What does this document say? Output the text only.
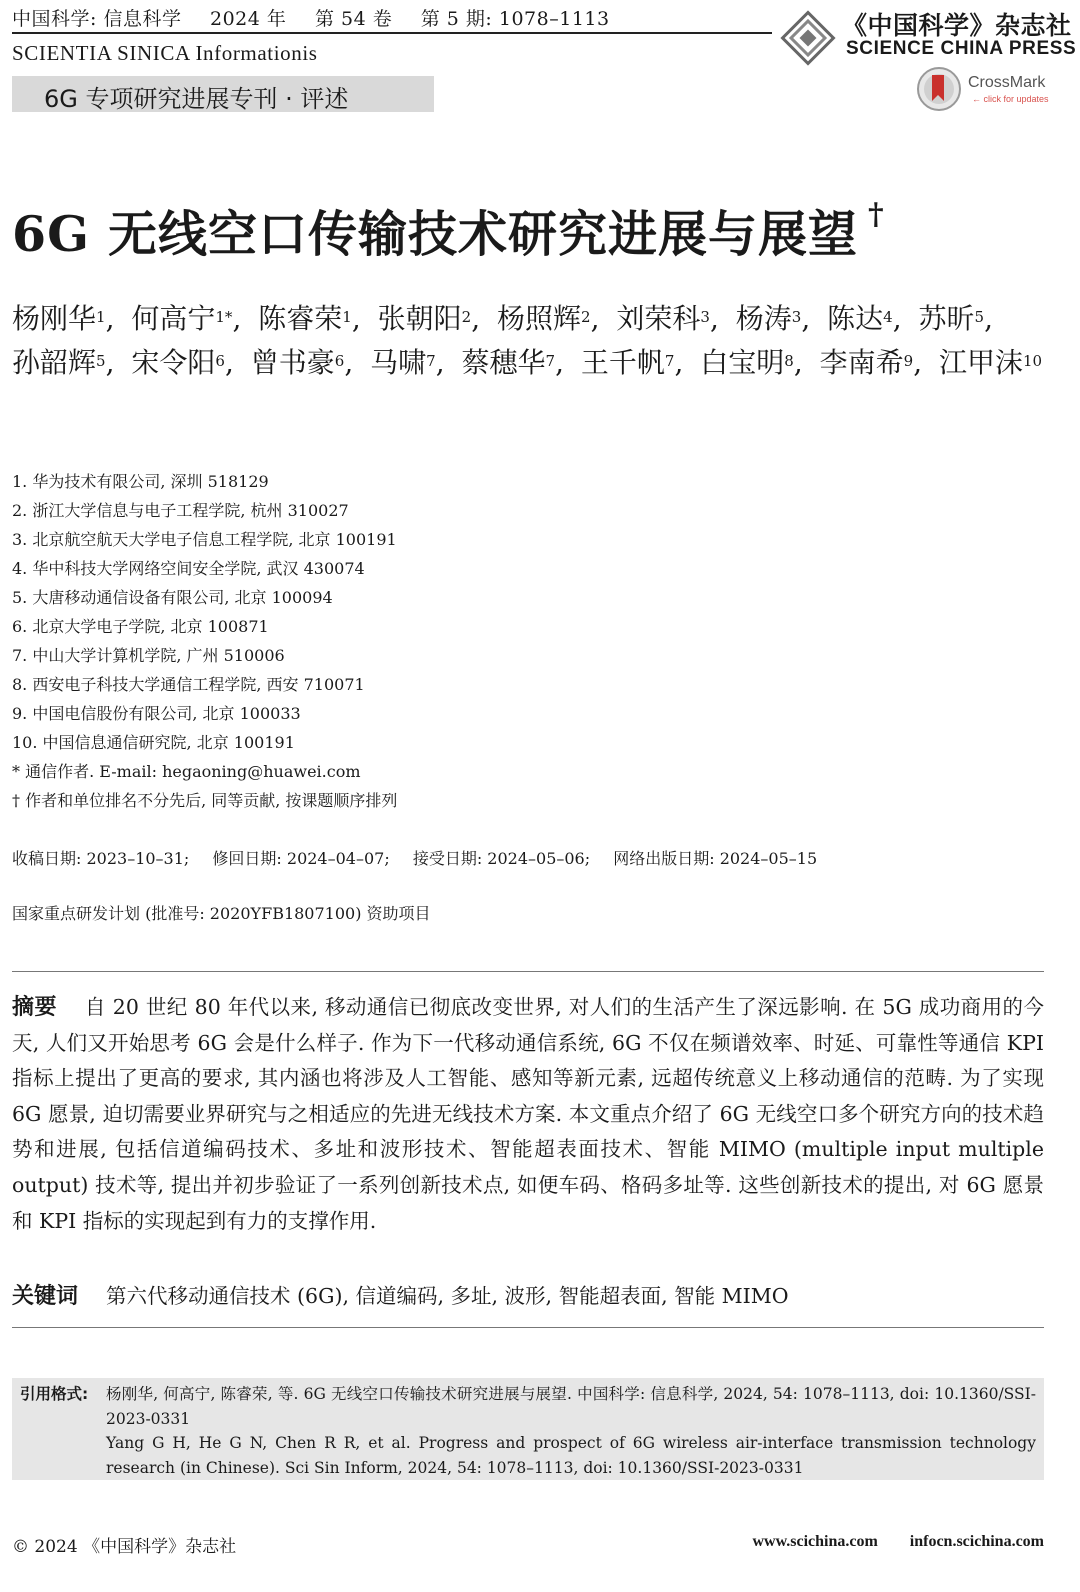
中国科学: 信息科学 2024 年 第 54 卷 第 5 期: 1078–1113
SCIENTIA SINICA Informationis
6G 专项研究进展专刊 · 评述
《中国科学》杂志社
SCIENCE CHINA PRESS
CrossMark
← click for updates
6G 无线空口传输技术研究进展与展望 †
杨刚华$^1$, 何高宁$^{1*}$, 陈睿荣$^1$, 张朝阳$^2$, 杨照辉$^2$, 刘荣科$^3$, 杨涛$^3$, 陈达$^4$, 苏昕$^5$, 孙韶辉$^5$, 宋令阳$^6$, 曾书豪$^6$, 马啸$^7$, 蔡穗华$^7$, 王千帆$^7$, 白宝明$^8$, 李南希$^9$, 江甲沫$^{10}$
1. 华为技术有限公司, 深圳 518129
2. 浙江大学信息与电子工程学院, 杭州 310027
3. 北京航空航天大学电子信息工程学院, 北京 100191
4. 华中科技大学网络空间安全学院, 武汉 430074
5. 大唐移动通信设备有限公司, 北京 100094
6. 北京大学电子学院, 北京 100871
7. 中山大学计算机学院, 广州 510006
8. 西安电子科技大学通信工程学院, 西安 710071
9. 中国电信股份有限公司, 北京 100033
10. 中国信息通信研究院, 北京 100191
* 通信作者. E-mail: hegaoning@huawei.com
† 作者和单位排名不分先后, 同等贡献, 按课题顺序排列
收稿日期: 2023–10–31; 修回日期: 2024–04–07; 接受日期: 2024–05–06; 网络出版日期: 2024–05–15
国家重点研发计划 (批准号: 2020YFB1807100) 资助项目
摘要 自 20 世纪 80 年代以来, 移动通信已彻底改变世界, 对人们的生活产生了深远影响. 在 5G 成功商用的今天, 人们又开始思考 6G 会是什么样子. 作为下一代移动通信系统, 6G 不仅在频谱效率、时延、可靠性等通信 KPI 指标上提出了更高的要求, 其内涵也将涉及人工智能、感知等新元素, 远超传统意义上移动通信的范畴. 为了实现 6G 愿景, 迫切需要业界研究与之相适应的先进无线技术方案. 本文重点介绍了 6G 无线空口多个研究方向的技术趋势和进展, 包括信道编码技术、多址和波形技术、智能超表面技术、智能 MIMO (multiple input multiple output) 技术等, 提出并初步验证了一系列创新技术点, 如便车码、格码多址等. 这些创新技术的提出, 对 6G 愿景和 KPI 指标的实现起到有力的支撑作用.
关键词 第六代移动通信技术 (6G), 信道编码, 多址, 波形, 智能超表面, 智能 MIMO
引用格式:	杨刚华, 何高宁, 陈睿荣, 等. 6G 无线空口传输技术研究进展与展望. 中国科学: 信息科学, 2024, 54: 1078–1113, doi: 10.1360/SSI-2023-0331
Yang G H, He G N, Chen R R, et al. Progress and prospect of 6G wireless air-interface transmission technology research (in Chinese). Sci Sin Inform, 2024, 54: 1078–1113, doi: 10.1360/SSI-2023-0331
© 2024 《中国科学》杂志社	www.scichina.com infocn.scichina.com
